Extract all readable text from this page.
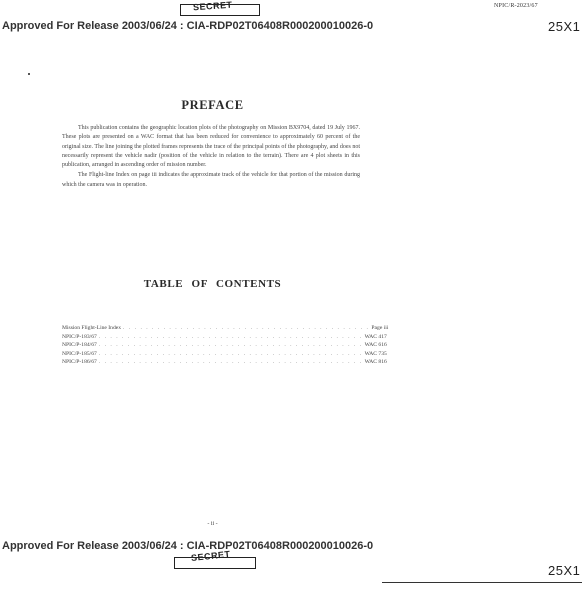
NPIC/R-2023/67
SECRET
Approved For Release 2003/06/24 : CIA-RDP02T06408R000200010026-0	25X1
PREFACE

This publication contains the geographic location plots of the photography on Mission BX9704, dated 19 July 1967. These plots are presented on a WAC format that has been reduced for convenience to approximately 60 percent of the original size. The line joining the plotted frames represents the trace of the principal points of the photography, and does not necessarily represent the vehicle nadir (position of the vehicle in relation to the terrain). There are 4 plot sheets in this publication, arranged in ascending order of mission number.

The Flight-line Index on page iii indicates the approximate track of the vehicle for that portion of the mission during which the camera was in operation.

TABLE OF CONTENTS
Mission Flight-Line Index . . . . . . . . . . . . . . . . . . . . . . . . . . . . . . . . . . . . . . . . . . . Page iii
NPIC/P-183/67 . . . . . . . . . . . . . . . . . . . . . . . . . . . . . . . . . . . . . . . . . . . . . . WAC 417
NPIC/P-184/67 . . . . . . . . . . . . . . . . . . . . . . . . . . . . . . . . . . . . . . . . . . . . . . WAC 616
NPIC/P-185/67 . . . . . . . . . . . . . . . . . . . . . . . . . . . . . . . . . . . . . . . . . . . . . . WAC 735
NPIC/P-186/67 . . . . . . . . . . . . . . . . . . . . . . . . . . . . . . . . . . . . . . . . . . . . . . WAC 816
- ii -
Approved For Release 2003/06/24 : CIA-RDP02T06408R000200010026-0
SECRET
25X1
